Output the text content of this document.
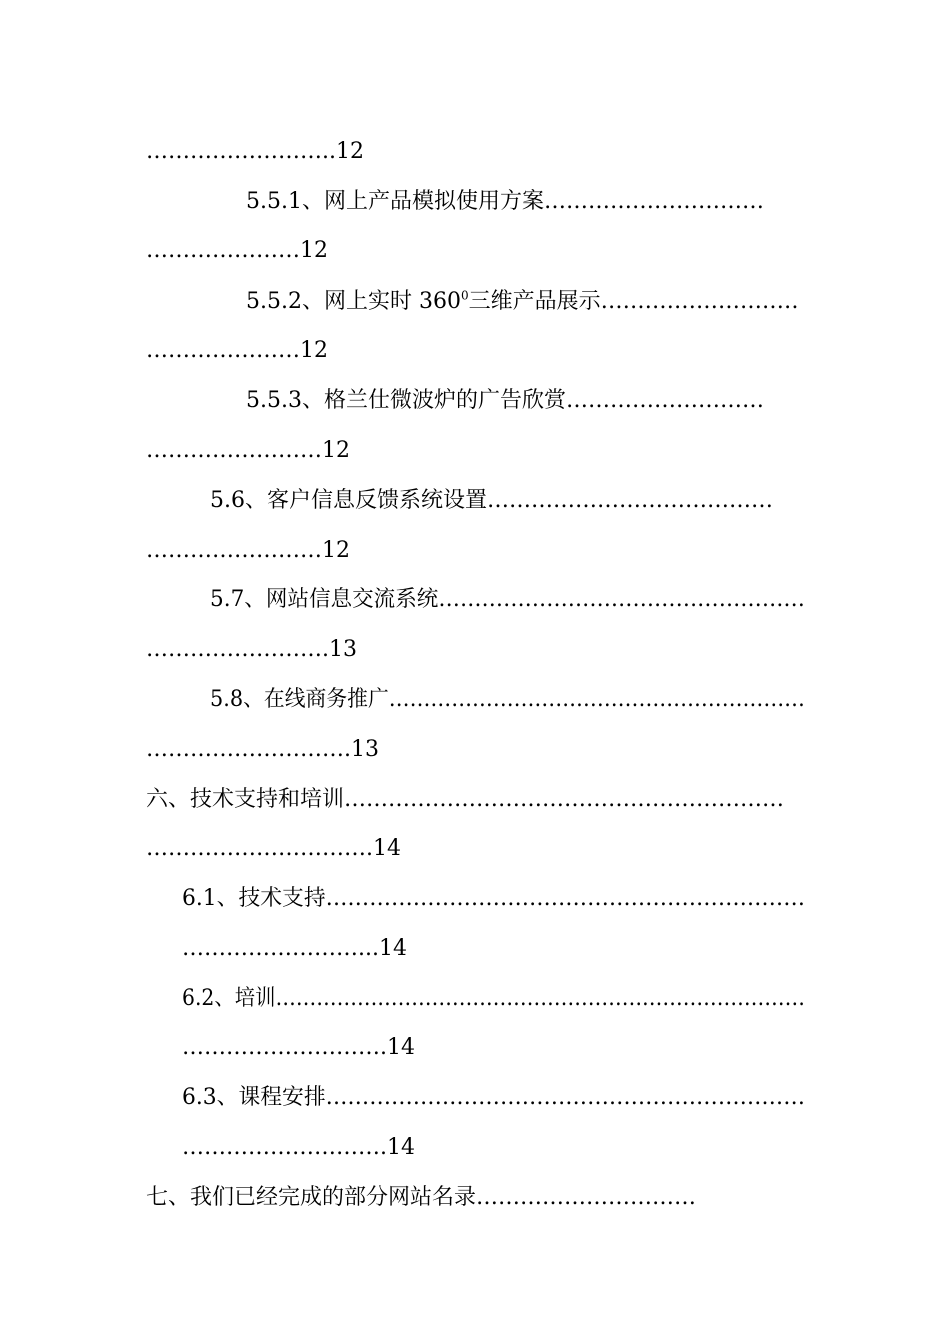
……………………..12
5.5.1、网上产品模拟使用方案…………………………
…………………12
5.5.2、网上实时 $360^0$三维产品展示………………………
…………………12
5.5.3、格兰仕微波炉的广告欣赏………………………
……………………12
5.6、客户信息反馈系统设置…………………………………
……………………12
5.7、网站信息交流系统……………………………………………
…………………….13
5.8、在线商务推广……………………………………………………
……………………….13
六、技术支持和培训……………………………………………………
………………………….14
6.1、技术支持…………………………………………………………
……………………...14
6.2、培训……………………………………………………………………
……………………….14
6.3、课程安排…………………………………………………………
……………………….14
七、我们已经完成的部分网站名录…………………………
